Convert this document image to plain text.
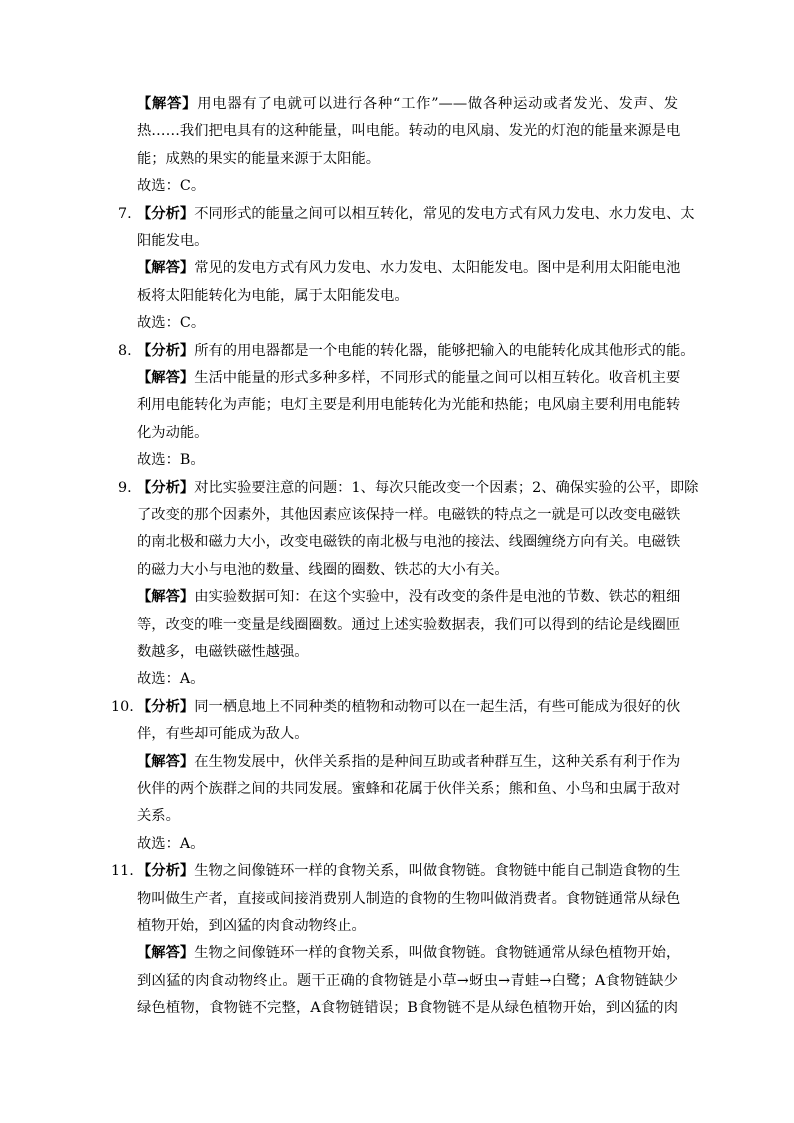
【解答】用电器有了电就可以进行各种“工作”——做各种运动或者发光、发声、发
热……我们把电具有的这种能量，叫电能。转动的电风扇、发光的灯泡的能量来源是电
能；成熟的果实的能量来源于太阳能。
故选：C。
7. 【分析】不同形式的能量之间可以相互转化，常见的发电方式有风力发电、水力发电、太
阳能发电。
【解答】常见的发电方式有风力发电、水力发电、太阳能发电。图中是利用太阳能电池
板将太阳能转化为电能，属于太阳能发电。
故选：C。
8. 【分析】所有的用电器都是一个电能的转化器，能够把输入的电能转化成其他形式的能。
【解答】生活中能量的形式多种多样，不同形式的能量之间可以相互转化。收音机主要
利用电能转化为声能；电灯主要是利用电能转化为光能和热能；电风扇主要利用电能转
化为动能。
故选：B。
9. 【分析】对比实验要注意的问题：1、每次只能改变一个因素；2、确保实验的公平，即除
了改变的那个因素外，其他因素应该保持一样。电磁铁的特点之一就是可以改变电磁铁
的南北极和磁力大小，改变电磁铁的南北极与电池的接法、线圈缠绕方向有关。电磁铁
的磁力大小与电池的数量、线圈的圈数、铁芯的大小有关。
【解答】由实验数据可知：在这个实验中，没有改变的条件是电池的节数、铁芯的粗细
等，改变的唯一变量是线圈圈数。通过上述实验数据表，我们可以得到的结论是线圈匝
数越多，电磁铁磁性越强。
故选：A。
10. 【分析】同一栖息地上不同种类的植物和动物可以在一起生活，有些可能成为很好的伙
伴，有些却可能成为敌人。
【解答】在生物发展中，伙伴关系指的是种间互助或者种群互生，这种关系有利于作为
伙伴的两个族群之间的共同发展。蜜蜂和花属于伙伴关系；熊和鱼、小鸟和虫属于敌对
关系。
故选：A。
11. 【分析】生物之间像链环一样的食物关系，叫做食物链。食物链中能自己制造食物的生
物叫做生产者，直接或间接消费别人制造的食物的生物叫做消费者。食物链通常从绿色
植物开始，到凶猛的肉食动物终止。
【解答】生物之间像链环一样的食物关系，叫做食物链。食物链通常从绿色植物开始，
到凶猛的肉食动物终止。题干正确的食物链是小草→蚜虫→青蛙→白鹭；A食物链缺少
绿色植物，食物链不完整，A食物链错误；B食物链不是从绿色植物开始，到凶猛的肉
